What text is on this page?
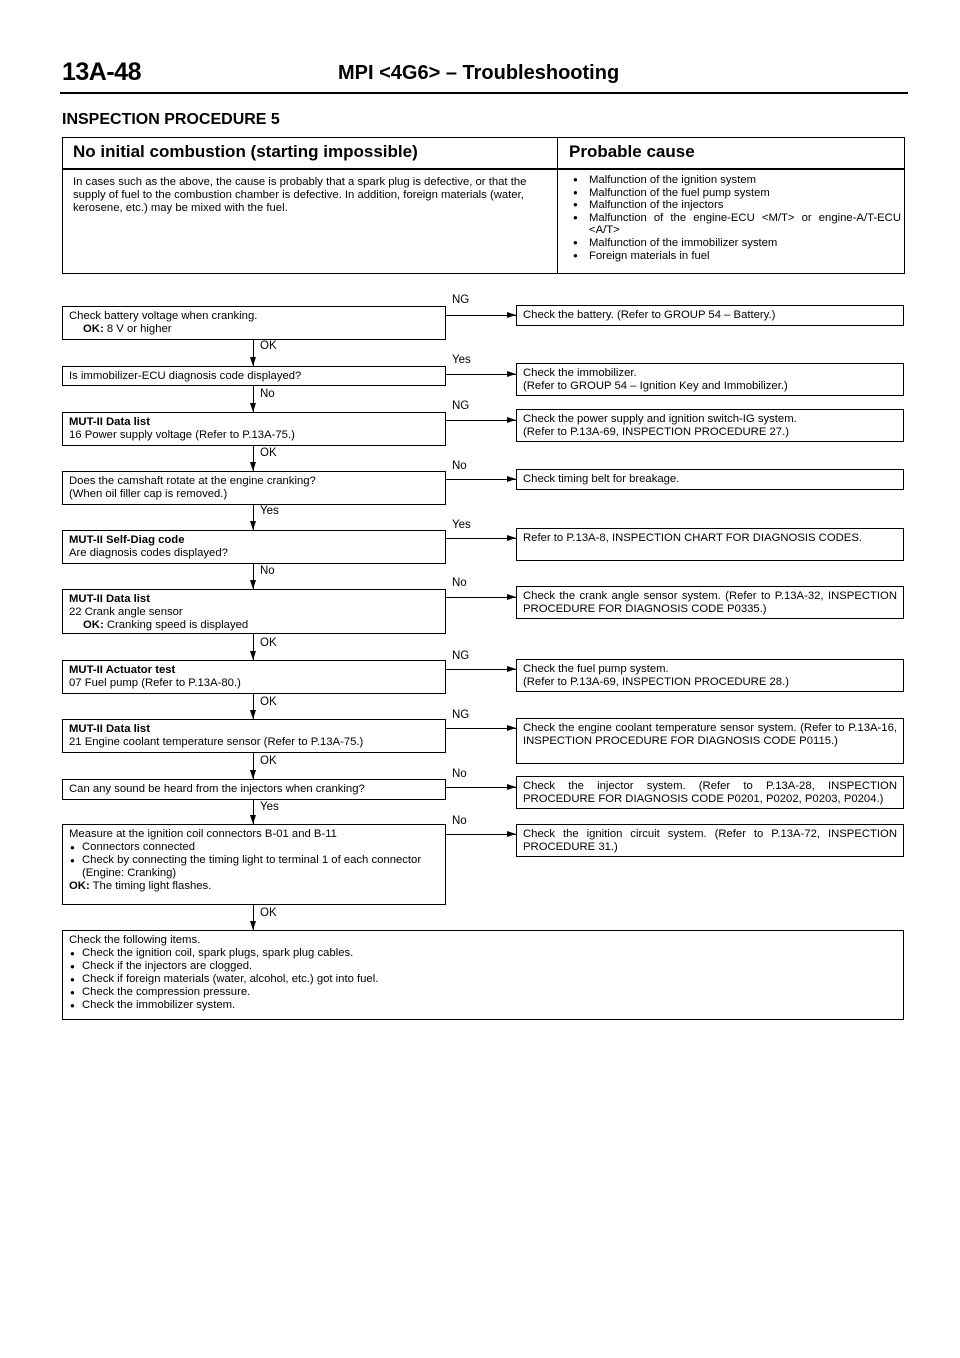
13A-48	MPI <4G6> – Troubleshooting
INSPECTION PROCEDURE 5
No initial combustion (starting impossible)	Probable cause
In cases such as the above, the cause is probably that a spark plug is defective, or that the supply of fuel to the combustion chamber is defective. In addition, foreign materials (water, kerosene, etc.) may be mixed with the fuel.
● Malfunction of the ignition system
● Malfunction of the fuel pump system
● Malfunction of the injectors
● Malfunction of the engine-ECU <M/T> or engine-A/T-ECU <A/T>
● Malfunction of the immobilizer system
● Foreign materials in fuel
Check battery voltage when cranking.
OK: 8 V or higher
NG
Check the battery. (Refer to GROUP 54 – Battery.)
OK
Is immobilizer-ECU diagnosis code displayed?
Yes
Check the immobilizer.
(Refer to GROUP 54 – Ignition Key and Immobilizer.)
No
MUT-II Data list
16 Power supply voltage (Refer to P.13A-75.)
NG
Check the power supply and ignition switch-IG system.
(Refer to P.13A-69, INSPECTION PROCEDURE 27.)
OK
Does the camshaft rotate at the engine cranking?
(When oil filler cap is removed.)
No
Check timing belt for breakage.
Yes
MUT-II Self-Diag code
Are diagnosis codes displayed?
Yes
Refer to P.13A-8, INSPECTION CHART FOR DIAGNOSIS CODES.
No
MUT-II Data list
22 Crank angle sensor
OK: Cranking speed is displayed
No
Check the crank angle sensor system. (Refer to P.13A-32, INSPECTION PROCEDURE FOR DIAGNOSIS CODE P0335.)
OK
MUT-II Actuator test
07 Fuel pump (Refer to P.13A-80.)
NG
Check the fuel pump system.
(Refer to P.13A-69, INSPECTION PROCEDURE 28.)
OK
MUT-II Data list
21 Engine coolant temperature sensor (Refer to P.13A-75.)
NG
Check the engine coolant temperature sensor system. (Refer to P.13A-16, INSPECTION PROCEDURE FOR DIAGNOSIS CODE P0115.)
OK
Can any sound be heard from the injectors when cranking?
No
Check the injector system. (Refer to P.13A-28, INSPECTION PROCEDURE FOR DIAGNOSIS CODE P0201, P0202, P0203, P0204.)
Yes
Measure at the ignition coil connectors B-01 and B-11
● Connectors connected
● Check by connecting the timing light to terminal 1 of each connector (Engine: Cranking)
OK: The timing light flashes.
No
Check the ignition circuit system. (Refer to P.13A-72, INSPECTION PROCEDURE 31.)
OK
Check the following items.
● Check the ignition coil, spark plugs, spark plug cables.
● Check if the injectors are clogged.
● Check if foreign materials (water, alcohol, etc.) got into fuel.
● Check the compression pressure.
● Check the immobilizer system.
